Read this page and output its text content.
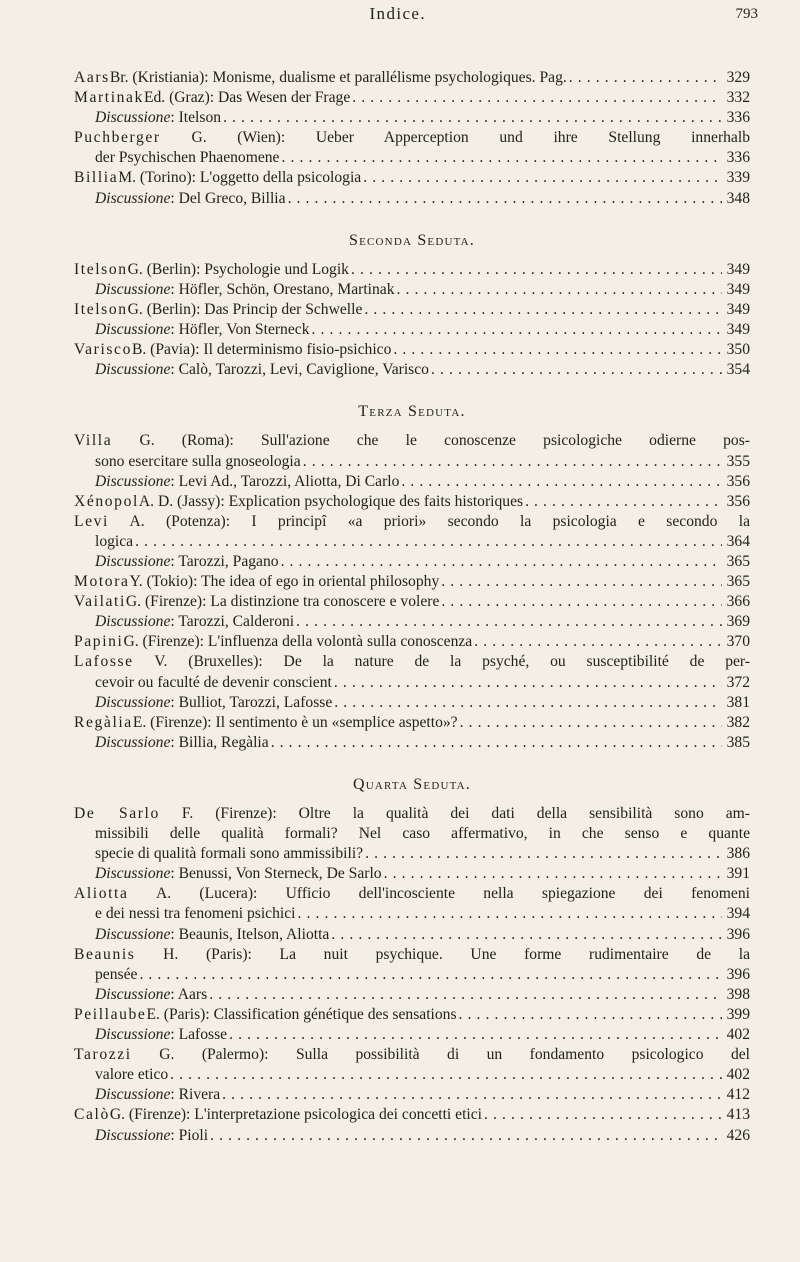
Indice.	793
Aars Br. (Kristiania): Monisme, dualisme et parallélisme psychologiques. Pag. . . .	329
Martinak Ed. (Graz): Das Wesen der Frage . . .	332
Discussione : Itelson . . .	336
Puchberger G. (Wien): Ueber Apperception und ihre Stellung innerhalb
der Psychischen Phaenomene . . .	336
Billia M. (Torino): L'oggetto della psicologia . . .	339
Discussione : Del Greco, Billia . . .	348
Seconda Seduta.
Itelson G. (Berlin): Psychologie und Logik . . .	349
Discussione : Höfler, Schön, Orestano, Martinak . . .	349
Itelson G. (Berlin): Das Princip der Schwelle . . .	349
Discussione : Höfler, Von Sterneck . . .	349
Varisco B. (Pavia): Il determinismo fisio-psichico . . .	350
Discussione : Calò, Tarozzi, Levi, Caviglione, Varisco . . .	354
Terza Seduta.
Villa G. (Roma): Sull'azione che le conoscenze psicologiche odierne pos-
sono esercitare sulla gnoseologia . . .	355
Discussione : Levi Ad., Tarozzi, Aliotta, Di Carlo . . .	356
Xénopol A. D. (Jassy): Explication psychologique des faits historiques . . .	356
Levi A. (Potenza): I principî «a priori» secondo la psicologia e secondo la
logica . . .	364
Discussione : Tarozzi, Pagano . . .	365
Motora Y. (Tokio): The idea of ego in oriental philosophy . . .	365
Vailati G. (Firenze): La distinzione tra conoscere e volere . . .	366
Discussione : Tarozzi, Calderoni . . .	369
Papini G. (Firenze): L'influenza della volontà sulla conoscenza . . .	370
Lafosse V. (Bruxelles): De la nature de la psyché, ou susceptibilité de per-
cevoir ou faculté de devenir conscient . . .	372
Discussione : Bulliot, Tarozzi, Lafosse . . .	381
Regàlia E. (Firenze): Il sentimento è un «semplice aspetto»? . . .	382
Discussione : Billia, Regàlia . . .	385
Quarta Seduta.
De Sarlo F. (Firenze): Oltre la qualità dei dati della sensibilità sono am-
missibili delle qualità formali? Nel caso affermativo, in che senso e quante
specie di qualità formali sono ammissibili? . . .	386
Discussione : Benussi, Von Sterneck, De Sarlo . . .	391
Aliotta A. (Lucera): Ufficio dell'incosciente nella spiegazione dei fenomeni
e dei nessi tra fenomeni psichici . . .	394
Discussione : Beaunis, Itelson, Aliotta . . .	396
Beaunis H. (Paris): La nuit psychique. Une forme rudimentaire de la
pensée . . .	396
Discussione : Aars . . .	398
Peillaube E. (Paris): Classification génétique des sensations . . .	399
Discussione : Lafosse . . .	402
Tarozzi G. (Palermo): Sulla possibilità di un fondamento psicologico del
valore etico . . .	402
Discussione : Rivera . . .	412
Calò G. (Firenze): L'interpretazione psicologica dei concetti etici . . .	413
Discussione : Pioli . . .	426
